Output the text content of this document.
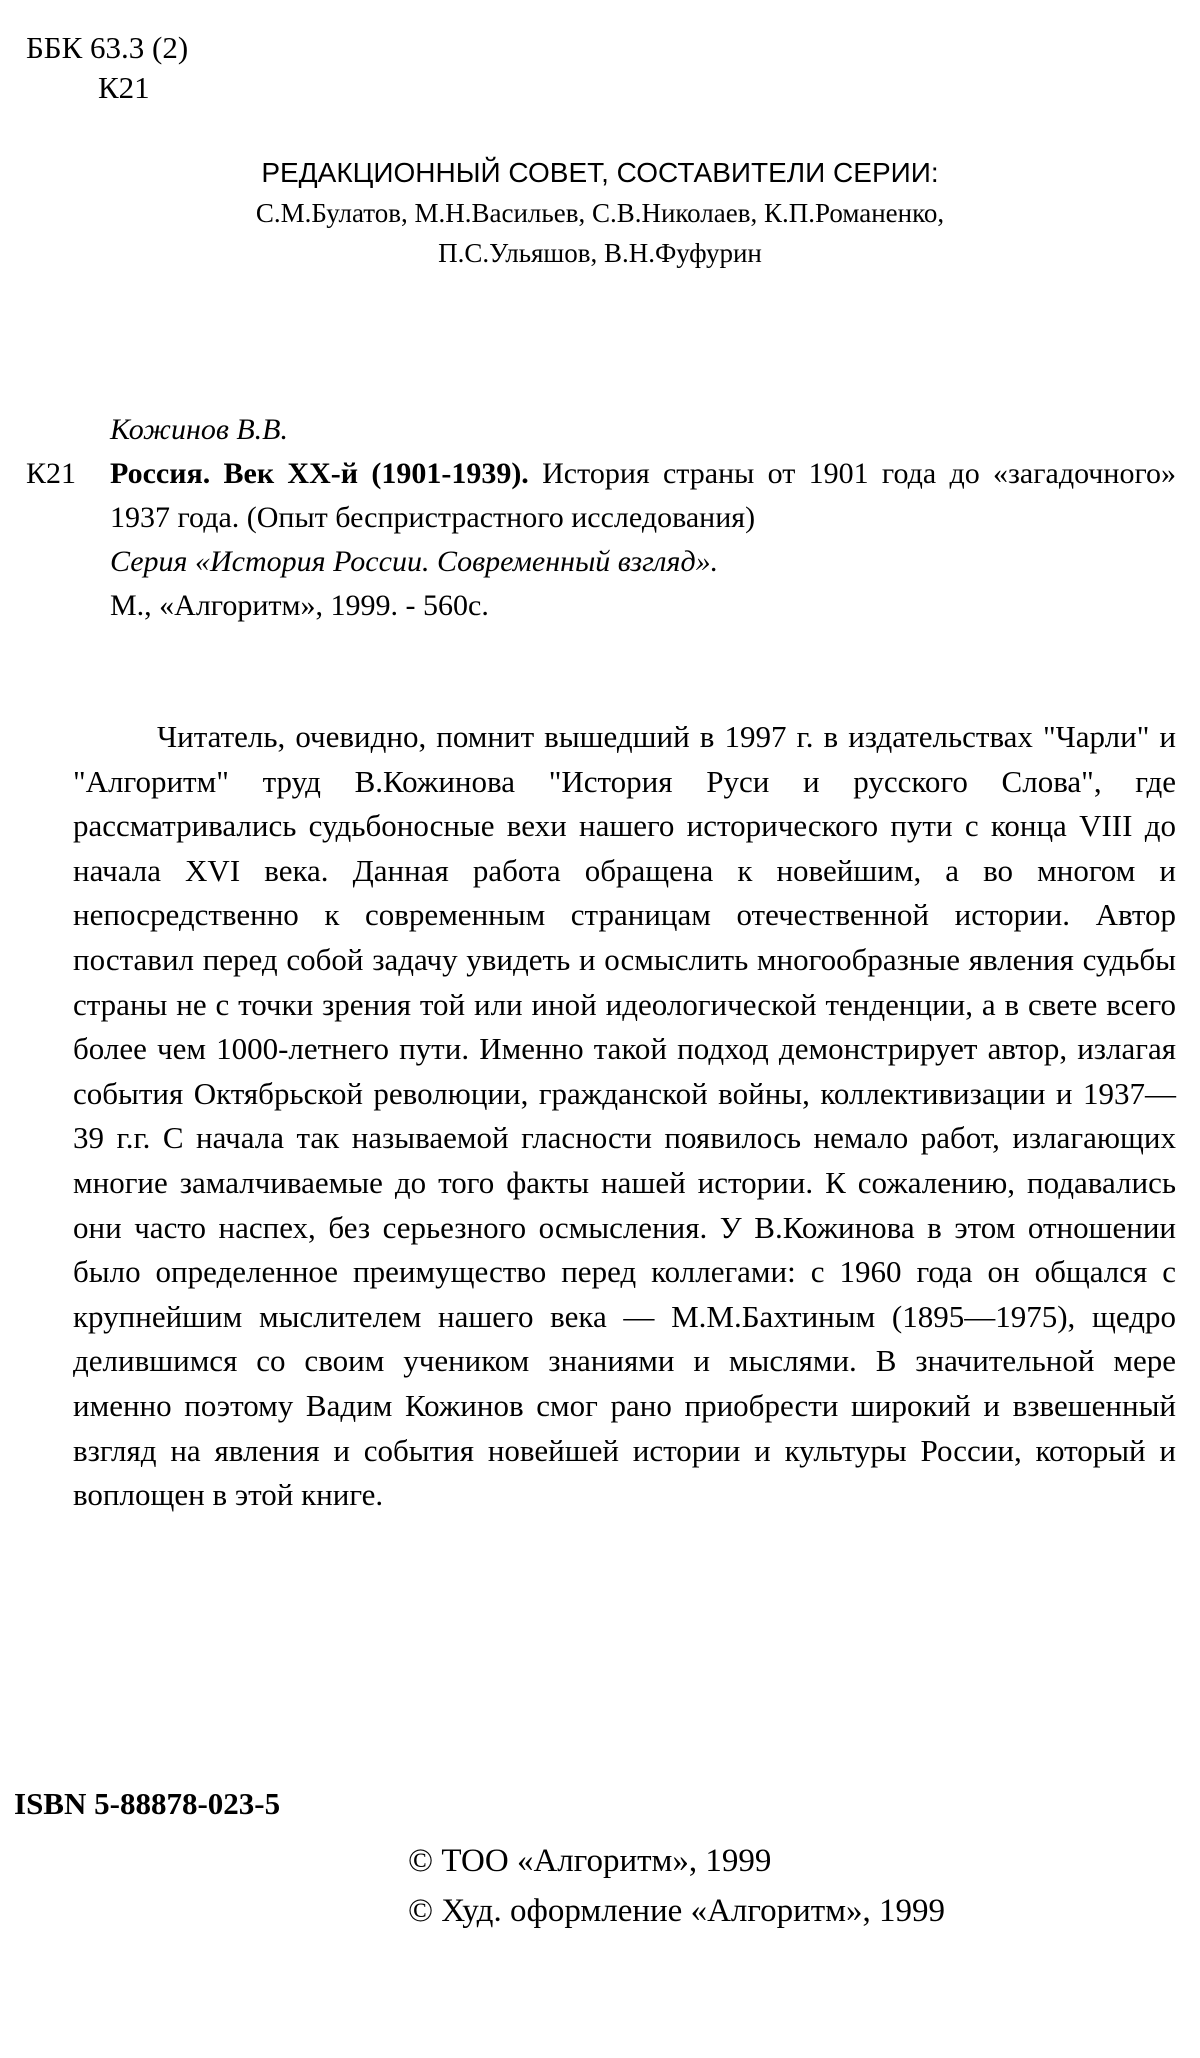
ББК 63.3 (2)
К21
РЕДАКЦИОННЫЙ СОВЕТ, СОСТАВИТЕЛИ СЕРИИ:
С.М.Булатов, М.Н.Васильев, С.В.Николаев, К.П.Романенко,
П.С.Ульяшов, В.Н.Фуфурин
Кожинов В.В.
К21 Россия. Век XX-й (1901-1939). История страны от 1901 года до «загадочного» 1937 года. (Опыт беспристрастного исследования)
Серия «История России. Современный взгляд».
М., «Алгоритм», 1999. - 560с.
Читатель, очевидно, помнит вышедший в 1997 г. в издательствах "Чарли" и "Алгоритм" труд В.Кожинова "История Руси и русского Слова", где рассматривались судьбоносные вехи нашего исторического пути с конца VIII до начала XVI века. Данная работа обращена к новейшим, а во многом и непосредственно к современным страницам отечественной истории. Автор поставил перед собой задачу увидеть и осмыслить многообразные явления судьбы страны не с точки зрения той или иной идеологической тенденции, а в свете всего более чем 1000-летнего пути. Именно такой подход демонстрирует автор, излагая события Октябрьской революции, гражданской войны, коллективизации и 1937—39 г.г. С начала так называемой гласности появилось немало работ, излагающих многие замалчиваемые до того факты нашей истории. К сожалению, подавались они часто наспех, без серьезного осмысления. У В.Кожинова в этом отношении было определенное преимущество перед коллегами: с 1960 года он общался с крупнейшим мыслителем нашего века — М.М.Бахтиным (1895—1975), щедро делившимся со своим учеником знаниями и мыслями. В значительной мере именно поэтому Вадим Кожинов смог рано приобрести широкий и взвешенный взгляд на явления и события новейшей истории и культуры России, который и воплощен в этой книге.
ISBN 5-88878-023-5
© ТОО «Алгоритм», 1999
© Худ. оформление «Алгоритм», 1999
